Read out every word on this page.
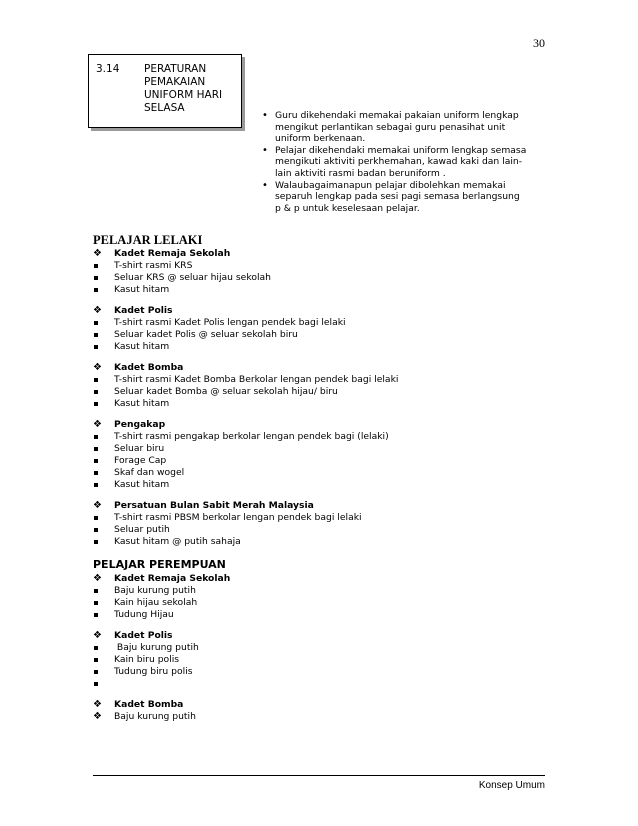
30
3.14 PERATURAN
PEMAKAIAN
UNIFORM HARI
SELASA
• Guru dikehendaki memakai pakaian uniform lengkap
mengikut perlantikan sebagai guru penasihat unit
uniform berkenaan.
• Pelajar dikehendaki memakai uniform lengkap semasa
mengikuti aktiviti perkhemahan, kawad kaki dan lain-
lain aktiviti rasmi badan beruniform .
• Walaubagaimanapun pelajar dibolehkan memakai
separuh lengkap pada sesi pagi semasa berlangsung
p & p untuk keselesaan pelajar.
PELAJAR LELAKI
❖	Kadet Remaja Sekolah
T-shirt rasmi KRS
Seluar KRS @ seluar hijau sekolah
Kasut hitam
❖	Kadet Polis
T-shirt rasmi Kadet Polis lengan pendek bagi lelaki
Seluar kadet Polis @ seluar sekolah biru
Kasut hitam
❖	Kadet Bomba
T-shirt rasmi Kadet Bomba Berkolar lengan pendek bagi lelaki
Seluar kadet Bomba @ seluar sekolah hijau/ biru
Kasut hitam
❖	Pengakap
T-shirt rasmi pengakap berkolar lengan pendek bagi (lelaki)
Seluar biru
Forage Cap
Skaf dan wogel
Kasut hitam
❖	Persatuan Bulan Sabit Merah Malaysia
T-shirt rasmi PBSM berkolar lengan pendek bagi lelaki
Seluar putih
Kasut hitam @ putih sahaja
PELAJAR PEREMPUAN
❖	Kadet Remaja Sekolah
Baju kurung putih
Kain hijau sekolah
Tudung Hijau
❖	Kadet Polis
Baju kurung putih
Kain biru polis
Tudung biru polis
❖	Kadet Bomba
❖	Baju kurung putih
Konsep Umum
